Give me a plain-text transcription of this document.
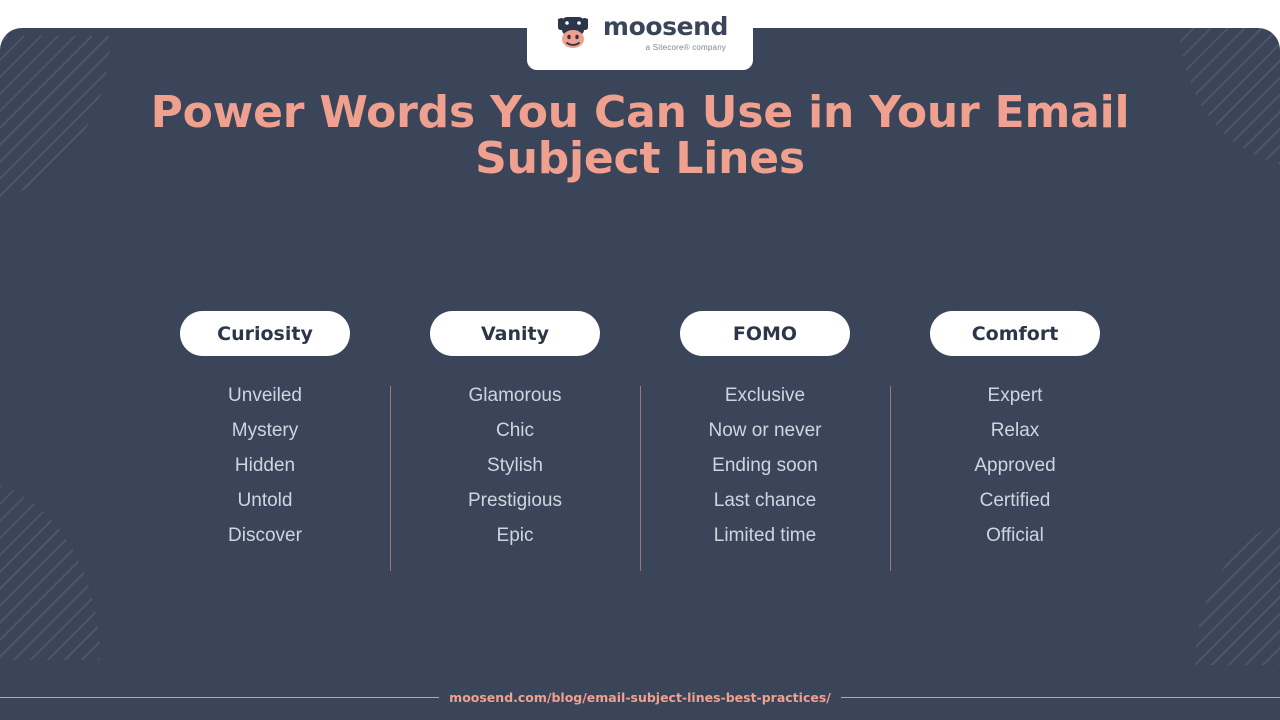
Power Words You Can Use in Your Email Subject Lines
Curiosity
Unveiled
Mystery
Hidden
Untold
Discover
Vanity
Glamorous
Chic
Stylish
Prestigious
Epic
FOMO
Exclusive
Now or never
Ending soon
Last chance
Limited time
Comfort
Expert
Relax
Approved
Certified
Official
moosend.com/blog/email-subject-lines-best-practices/
moosend
a Sitecore® company
